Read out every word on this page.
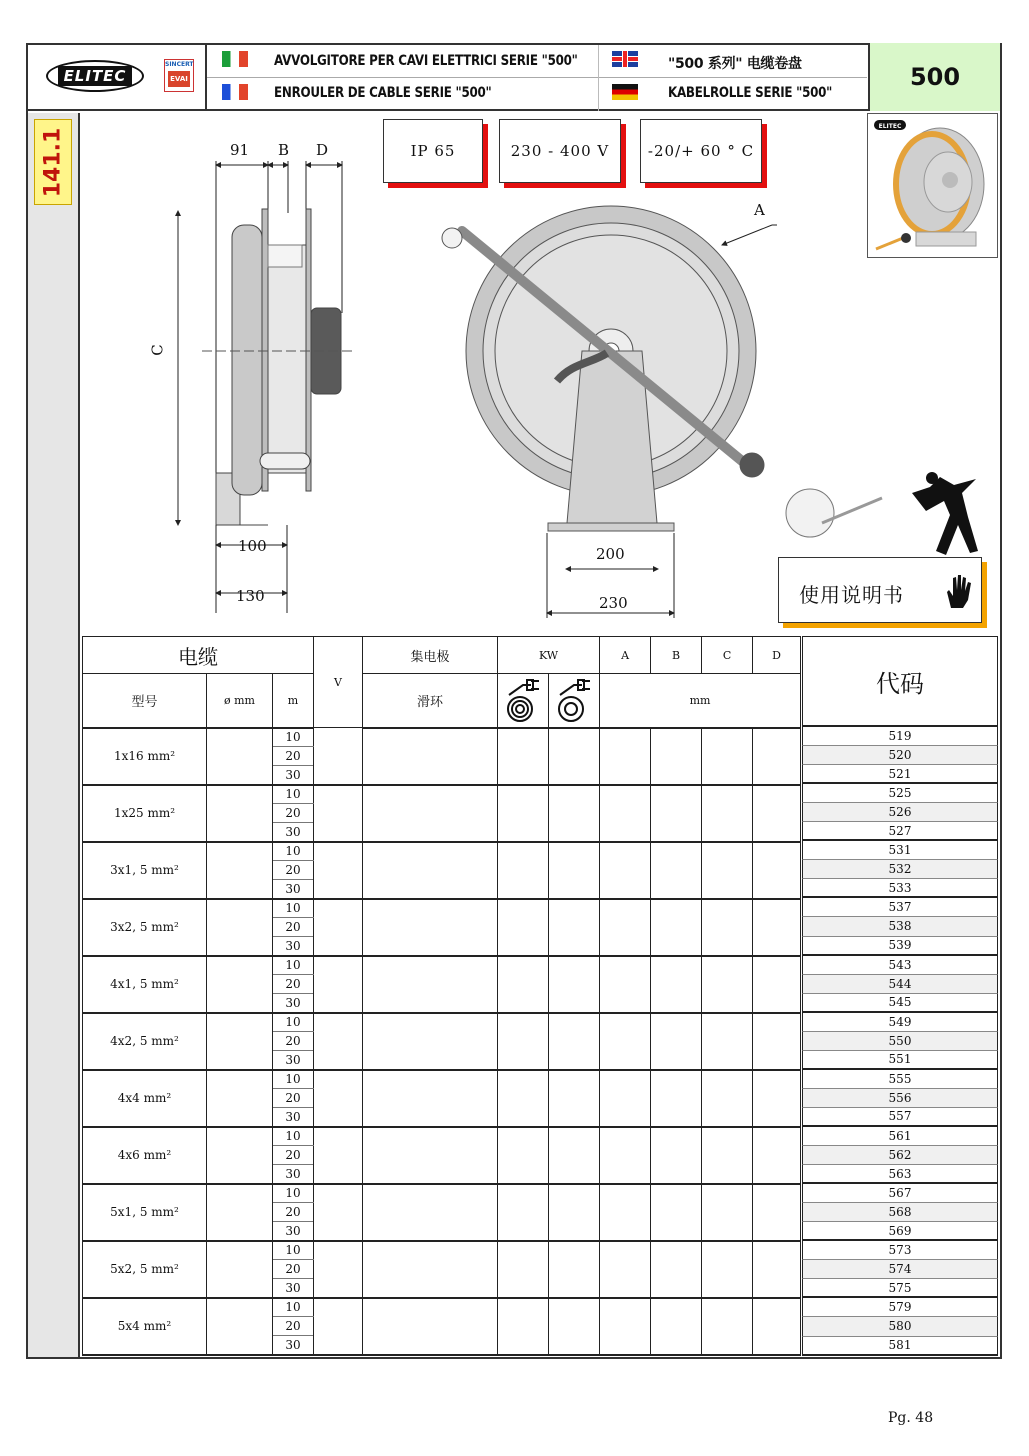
ELITEC
SINCERT
EVAI
AVVOLGITORE PER CAVI ELETTRICI SERIE "500"
ENROULER DE CABLE SERIE "500"
"500 系列" 电缆卷盘
KABELROLLE SERIE "500"
500
141.1	91 B D
C
A
100
130
200
230
IP 65	230 - 400 V	-20/+ 60 ° C
ELITEC
使用说明书
电缆			V	集电极	KW		A	B	C	D
型号	ø mm	m		滑环			mm			
1x16 mm²		10								
		20								
		30								
1x25 mm²		10								
		20								
		30								
3x1, 5 mm²		10								
		20								
		30								
3x2, 5 mm²		10								
		20								
		30								
4x1, 5 mm²		10								
		20								
		30								
4x2, 5 mm²		10								
		20								
		30								
4x4 mm²		10								
		20								
		30								
4x6 mm²		10								
		20								
		30								
5x1, 5 mm²		10								
		20								
		30								
5x2, 5 mm²		10								
		20								
		30								
5x4 mm²		10								
		20								
		30								
代码
519
520
521
525
526
527
531
532
533
537
538
539
543
544
545
549
550
551
555
556
557
561
562
563
567
568
569
573
574
575
579
580
581
Pg. 48
